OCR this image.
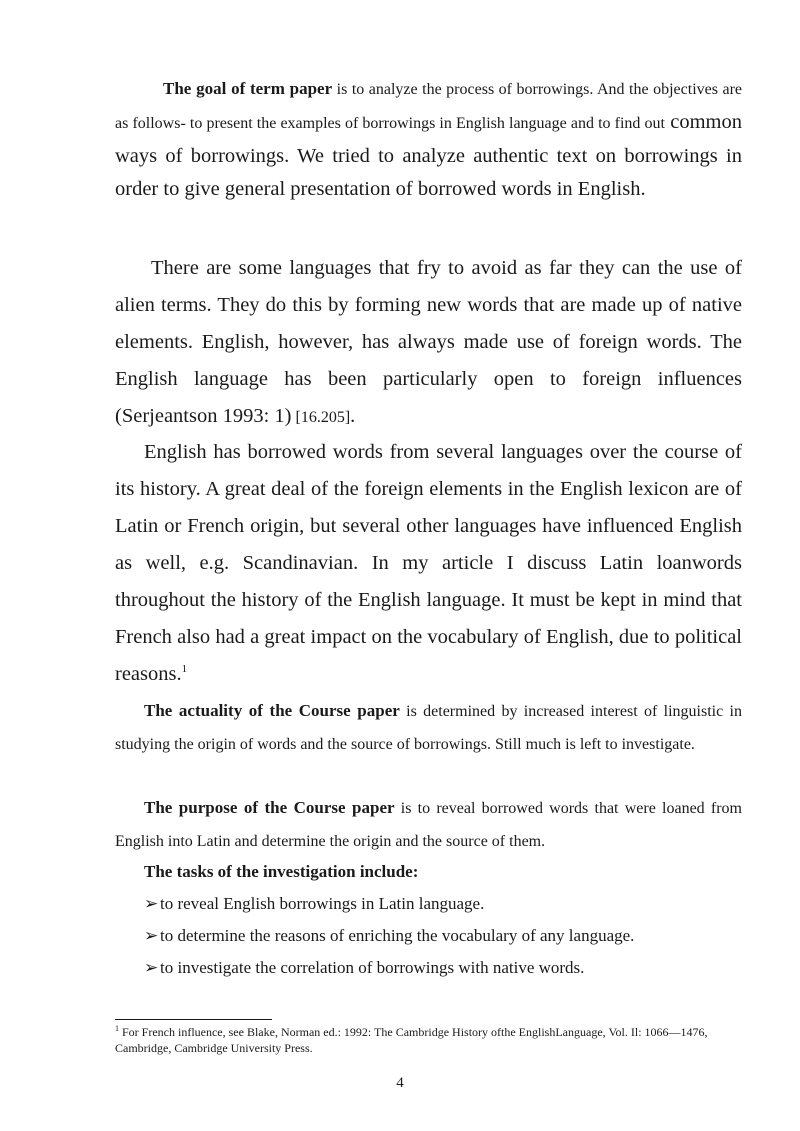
The goal of term paper is to analyze the process of borrowings. And the objectives are as follows- to present the examples of borrowings in English language and to find out common ways of borrowings. We tried to analyze authentic text on borrowings in order to give general presentation of borrowed words in English.

There are some languages that fry to avoid as far they can the use of alien terms. They do this by forming new words that are made up of native elements. English, however, has always made use of foreign words. The English language has been particularly open to foreign influences (Serjeantson 1993: 1) [16.205].

English has borrowed words from several languages over the course of its history. A great deal of the foreign elements in the English lexicon are of Latin or French origin, but several other languages have influenced English as well, e.g. Scandinavian. In my article I discuss Latin loanwords throughout the history of the English language. It must be kept in mind that French also had a great impact on the vocabulary of English, due to political reasons.$^1$

The actuality of the Course paper is determined by increased interest of linguistic in studying the origin of words and the source of borrowings. Still much is left to investigate.

The purpose of the Course paper is to reveal borrowed words that were loaned from English into Latin and determine the origin and the source of them.

The tasks of the investigation include:

➢ to reveal English borrowings in Latin language.
➢ to determine the reasons of enriching the vocabulary of any language.
➢ to investigate the correlation of borrowings with native words.

$^1$ For French influence, see Blake, Norman ed.: 1992: The Cambridge History ofthe EnglishLanguage, Vol. Il: 1066—1476, Cambridge, Cambridge University Press.

4
